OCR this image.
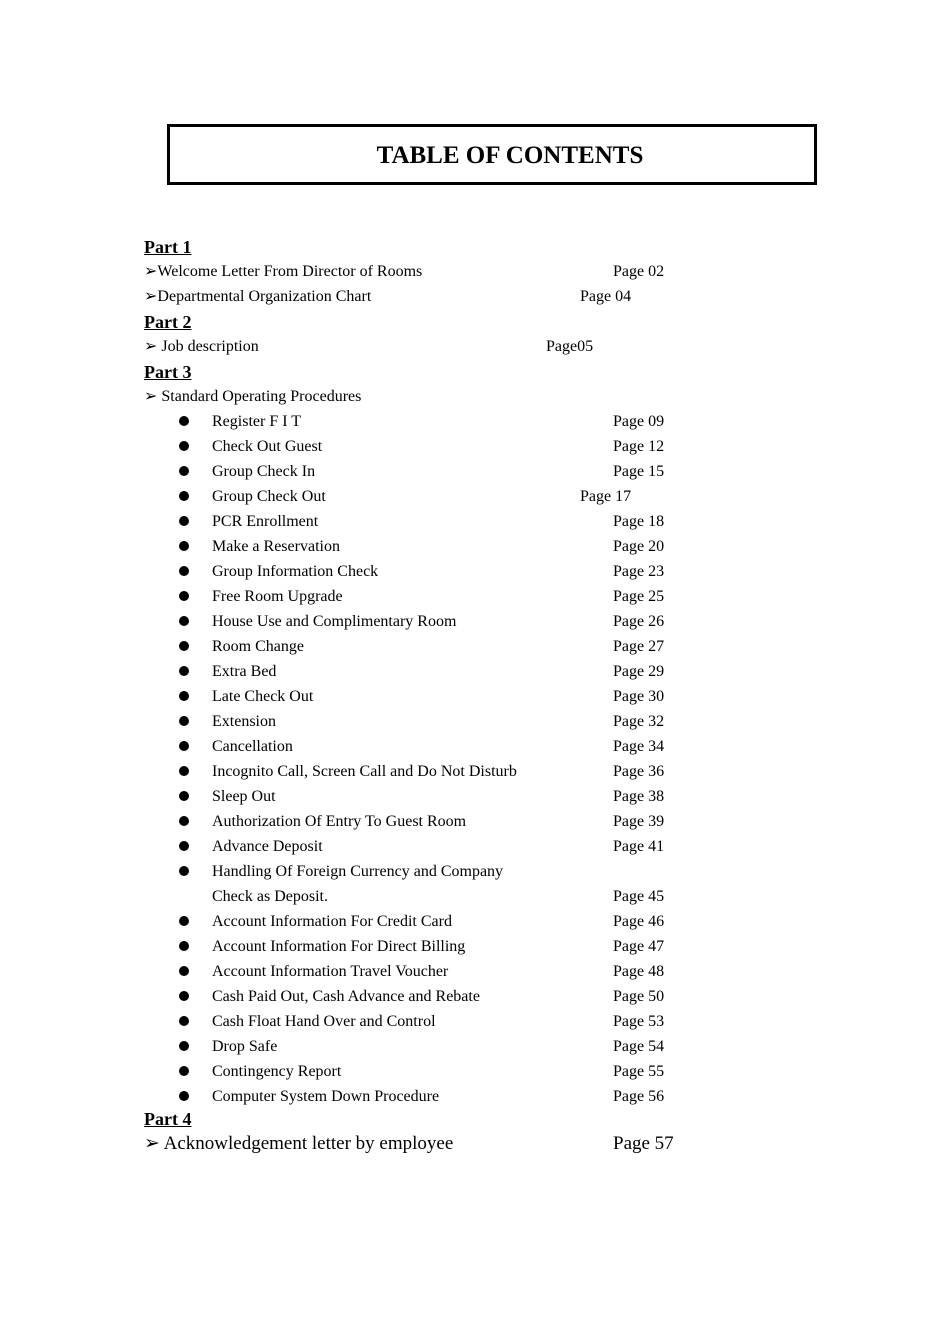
TABLE OF CONTENTS
Part 1
➢Welcome Letter From Director of Rooms	Page 02
➢Departmental Organization Chart	Page 04
Part 2
➢ Job description	Page05
Part 3
➢ Standard Operating Procedures
Register F I T	Page 09
Check Out Guest	Page 12
Group Check In	Page 15
Group Check Out	Page 17
PCR Enrollment	Page 18
Make a Reservation	Page 20
Group Information Check	Page 23
Free Room Upgrade	Page 25
House Use and Complimentary Room	Page 26
Room Change	Page 27
Extra Bed	Page 29
Late Check Out	Page 30
Extension	Page 32
Cancellation	Page 34
Incognito Call, Screen Call and Do Not Disturb	Page 36
Sleep Out	Page 38
Authorization Of Entry To Guest Room	Page 39
Advance Deposit	Page 41
Handling Of Foreign Currency and Company
Check as Deposit.	Page 45
Account Information For Credit Card	Page 46
Account Information For Direct Billing	Page 47
Account Information Travel Voucher	Page 48
Cash Paid Out, Cash Advance and Rebate	Page 50
Cash Float Hand Over and Control	Page 53
Drop Safe	Page 54
Contingency Report	Page 55
Computer System Down Procedure	Page 56
Part 4
➢ Acknowledgement letter by employee	Page 57
